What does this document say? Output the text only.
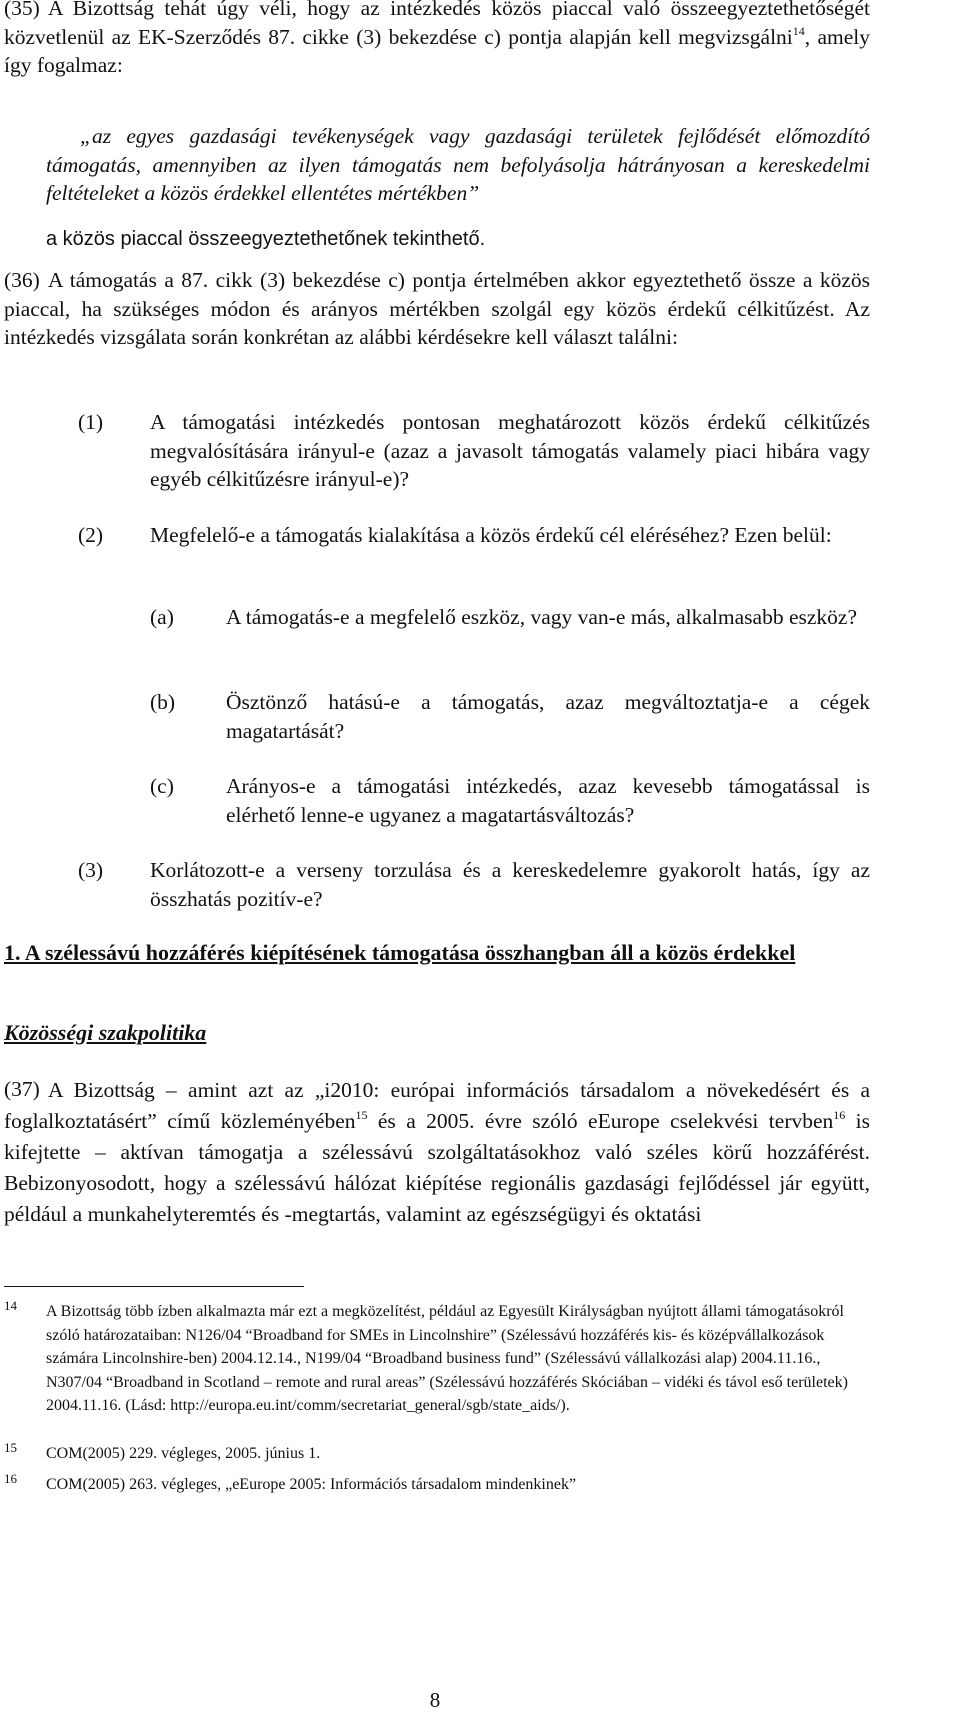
(35) A Bizottság tehát úgy véli, hogy az intézkedés közös piaccal való összeegyeztethetőségét közvetlenül az EK-Szerződés 87. cikke (3) bekezdése c) pontja alapján kell megvizsgálni$^{14}$, amely így fogalmaz:
„az egyes gazdasági tevékenységek vagy gazdasági területek fejlődését előmozdító támogatás, amennyiben az ilyen támogatás nem befolyásolja hátrányosan a kereskedelmi feltételeket a közös érdekkel ellentétes mértékben”
a közös piaccal összeegyeztethetőnek tekinthető.
(36) A támogatás a 87. cikk (3) bekezdése c) pontja értelmében akkor egyeztethető össze a közös piaccal, ha szükséges módon és arányos mértékben szolgál egy közös érdekű célkitűzést. Az intézkedés vizsgálata során konkrétan az alábbi kérdésekre kell választ találni:
(1) A támogatási intézkedés pontosan meghatározott közös érdekű célkitűzés megvalósítására irányul-e (azaz a javasolt támogatás valamely piaci hibára vagy egyéb célkitűzésre irányul-e)?
(2) Megfelelő-e a támogatás kialakítása a közös érdekű cél eléréséhez? Ezen belül:
(a) A támogatás-e a megfelelő eszköz, vagy van-e más, alkalmasabb eszköz?
(b) Ösztönző hatású-e a támogatás, azaz megváltoztatja-e a cégek magatartását?
(c) Arányos-e a támogatási intézkedés, azaz kevesebb támogatással is elérhető lenne-e ugyanez a magatartásváltozás?
(3) Korlátozott-e a verseny torzulása és a kereskedelemre gyakorolt hatás, így az összhatás pozitív-e?
1. A szélessávú hozzáférés kiépítésének támogatása összhangban áll a közös érdekkel
Közösségi szakpolitika
(37) A Bizottság – amint azt az „i2010: európai információs társadalom a növekedésért és a foglalkoztatásért” című közleményében$^{15}$ és a 2005. évre szóló eEurope cselekvési tervben$^{16}$ is kifejtette – aktívan támogatja a szélessávú szolgáltatásokhoz való széles körű hozzáférést. Bebizonyosodott, hogy a szélessávú hálózat kiépítése regionális gazdasági fejlődéssel jár együtt, például a munkahelyteremtés és -megtartás, valamint az egészségügyi és oktatási
14 A Bizottság több ízben alkalmazta már ezt a megközelítést, például az Egyesült Királyságban nyújtott állami támogatásokról szóló határozataiban: N126/04 “Broadband for SMEs in Lincolnshire” (Szélessávú hozzáférés kis- és középvállalkozások számára Lincolnshire-ben) 2004.12.14., N199/04 “Broadband business fund” (Szélessávú vállalkozási alap) 2004.11.16., N307/04 “Broadband in Scotland – remote and rural areas” (Szélessávú hozzáférés Skóciában – vidéki és távol eső területek) 2004.11.16. (Lásd: http://europa.eu.int/comm/secretariat_general/sgb/state_aids/).
15 COM(2005) 229. végleges, 2005. június 1.
16 COM(2005) 263. végleges, „eEurope 2005: Információs társadalom mindenkinek”
8
